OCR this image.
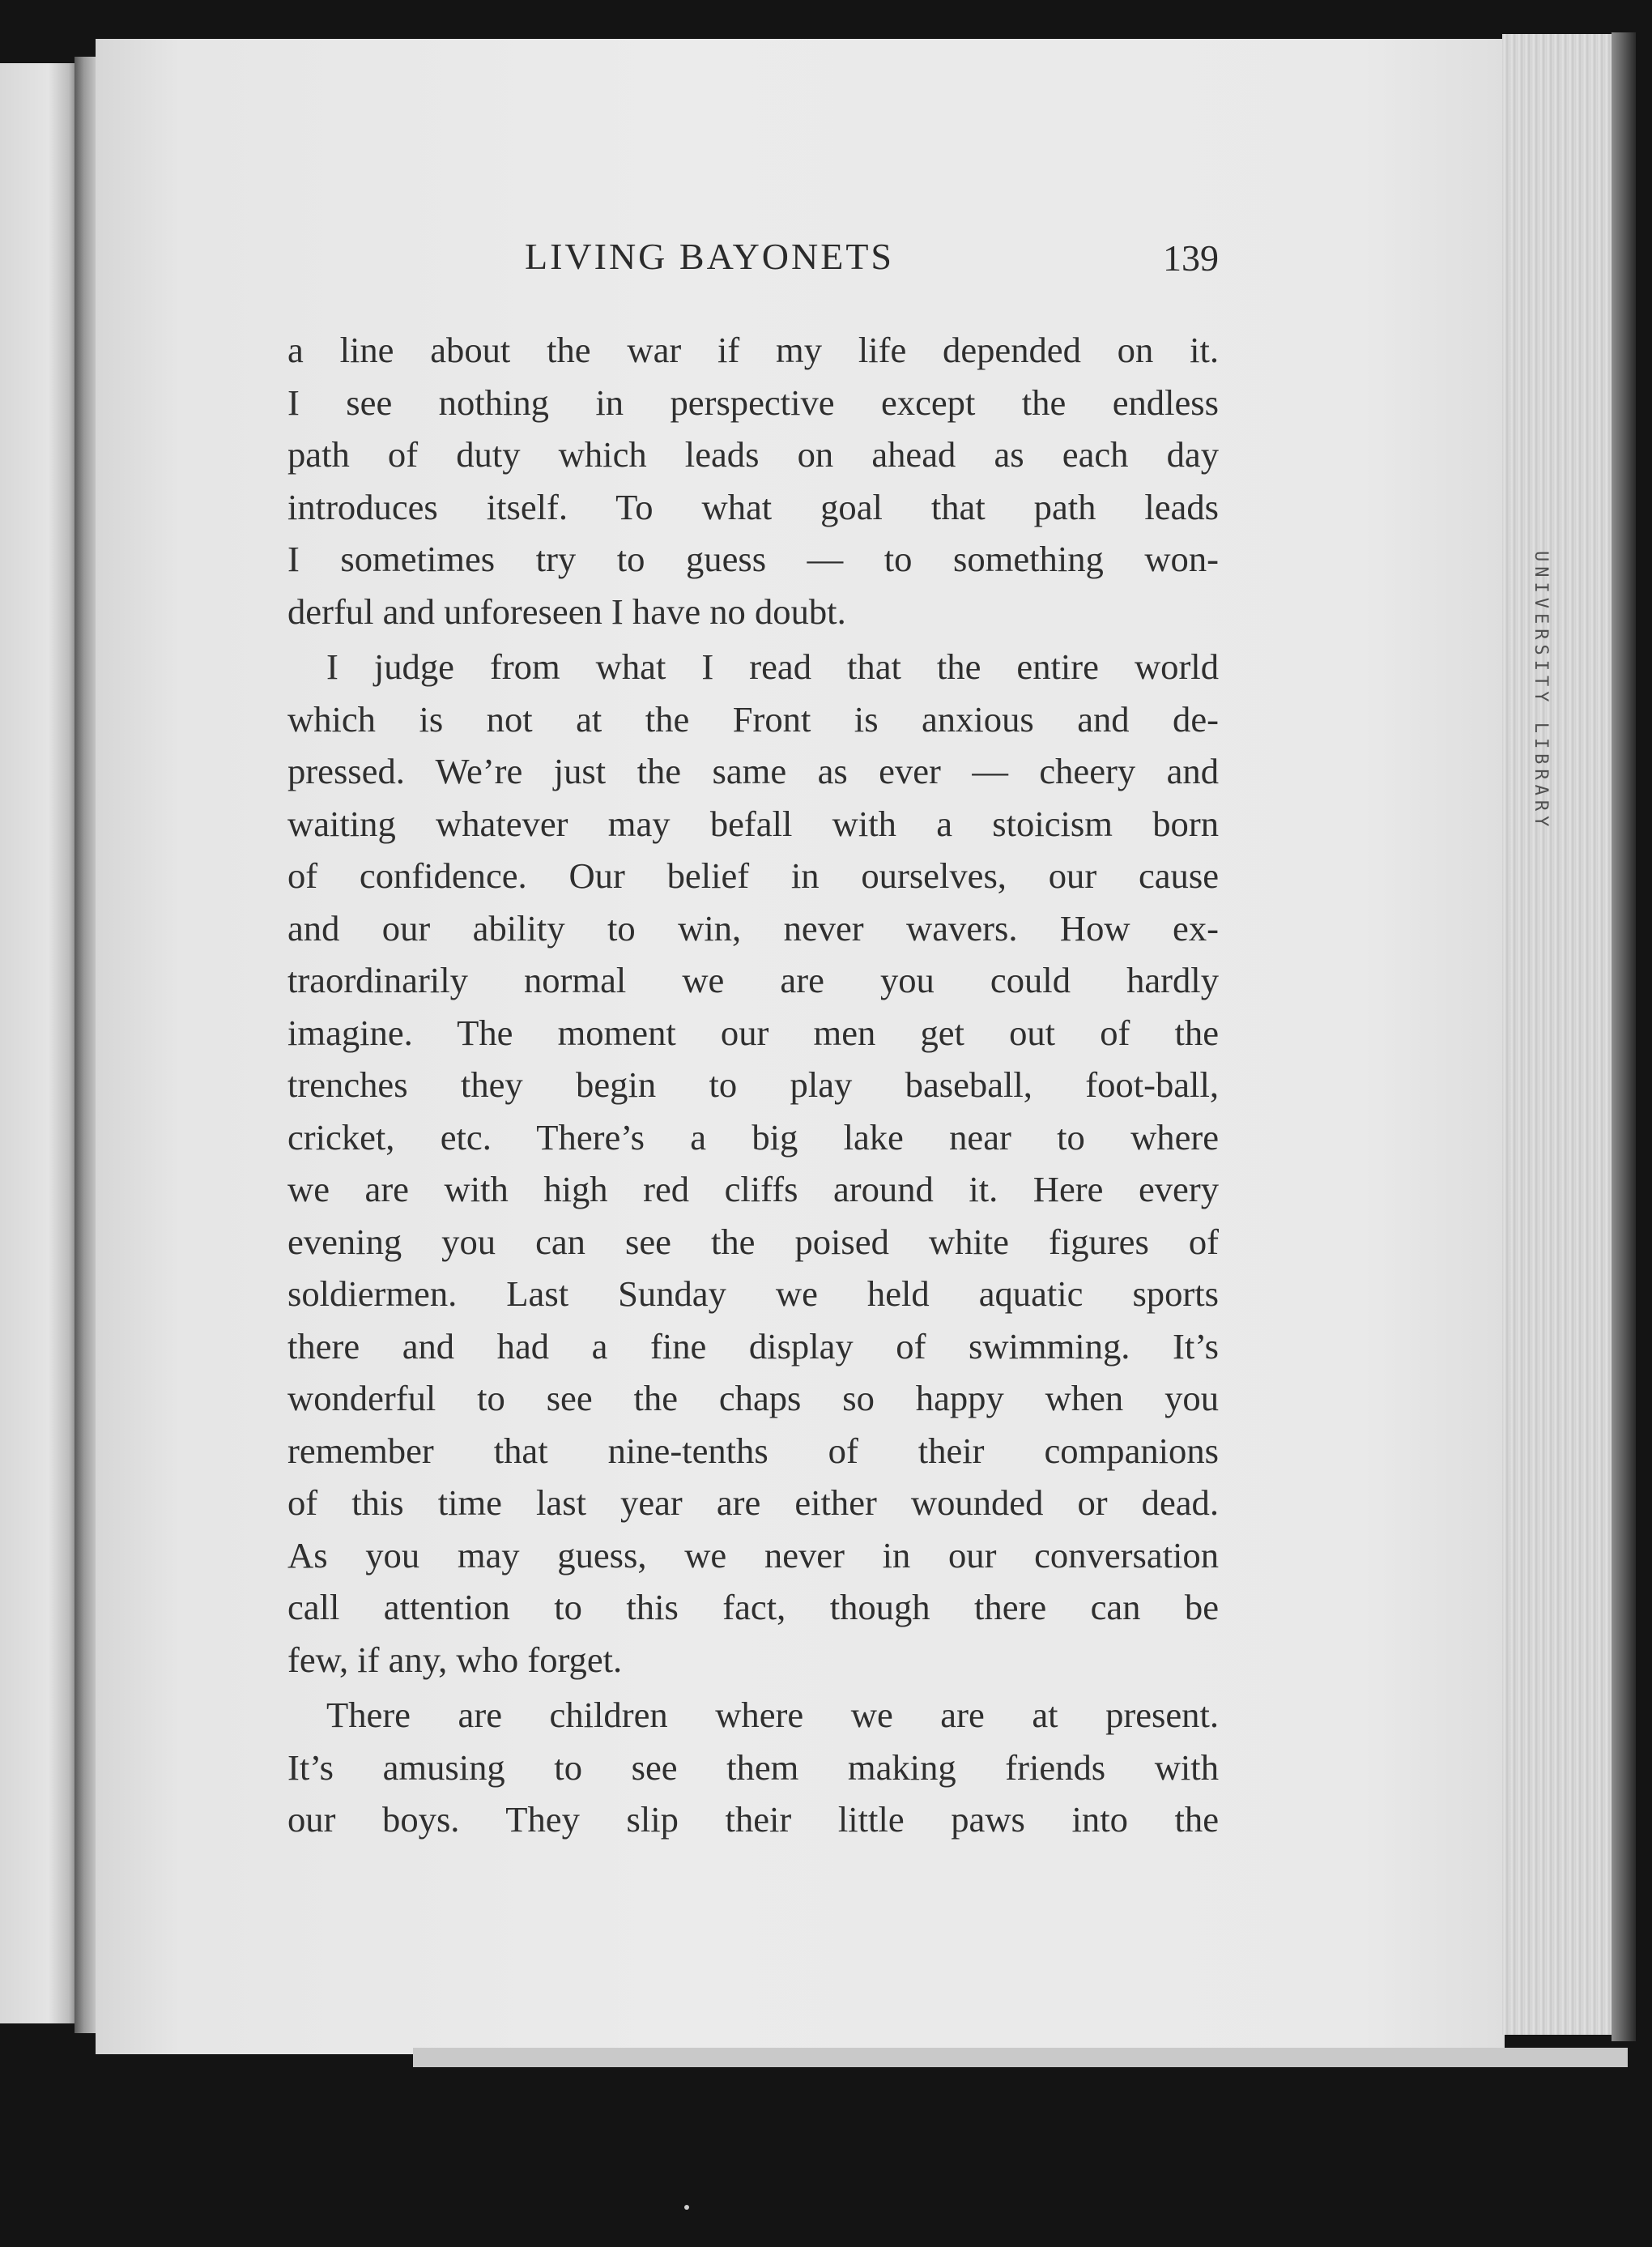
UNIVERSITY LIBRARY
LIVING BAYONETS	139
a line about the war if my life depended on it.
I see nothing in perspective except the endless
path of duty which leads on ahead as each day
introduces itself. To what goal that path leads
I sometimes try to guess — to something won-
derful and unforeseen I have no doubt.
I judge from what I read that the entire world
which is not at the Front is anxious and de-
pressed. We’re just the same as ever — cheery and
waiting whatever may befall with a stoicism born
of confidence. Our belief in ourselves, our cause
and our ability to win, never wavers. How ex-
traordinarily normal we are you could hardly
imagine. The moment our men get out of the
trenches they begin to play baseball, foot-ball,
cricket, etc. There’s a big lake near to where
we are with high red cliffs around it. Here every
evening you can see the poised white figures of
soldiermen. Last Sunday we held aquatic sports
there and had a fine display of swimming. It’s
wonderful to see the chaps so happy when you
remember that nine-tenths of their companions
of this time last year are either wounded or dead.
As you may guess, we never in our conversation
call attention to this fact, though there can be
few, if any, who forget.
There are children where we are at present.
It’s amusing to see them making friends with
our boys. They slip their little paws into the
